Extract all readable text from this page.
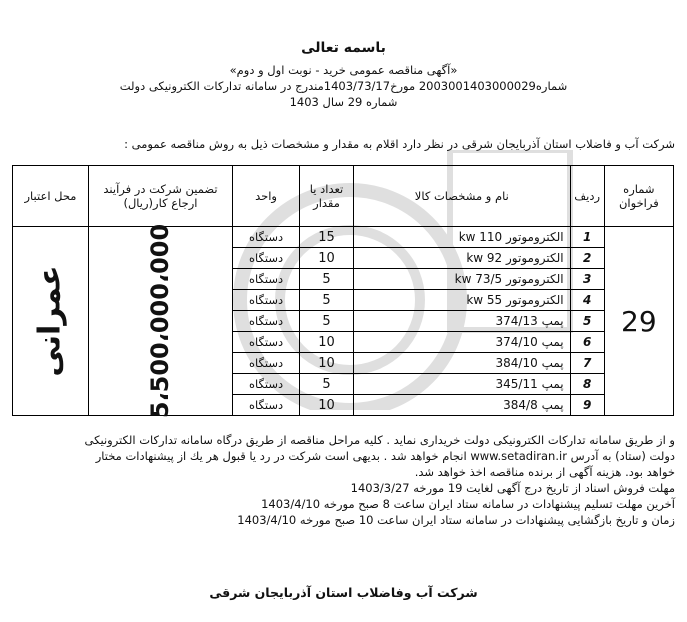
باسمه تعالی
«آگهی مناقصه عمومی خرید - نوبت اول و دوم»
شماره2003001403000029 مورخ1403/73/17مندرج در سامانه تدارکات الکترونیکی دولت
شماره 29 سال 1403
شرکت آب و فاضلاب استان آذربایجان شرقی در نظر دارد اقلام به مقدار و مشخصات ذیل به روش مناقصه عمومی :
شماره فراخوان	ردیف	نام و مشخصات کالا	تعداد یا مقدار	واحد	تضمین شرکت در فرآیند ارجاع کار(ریال)	محل اعتبار
29	1	الکتروموتور 110 kw	15	دستگاه	5،500،000،000	عمرانی

	2	الکتروموتور 92 kw	10	دستگاه		
	3	الکتروموتور 73/5 kw	5	دستگاه		
	4	الکتروموتور 55 kw	5	دستگاه		
	5	پمپ 374/13	5	دستگاه		
	6	پمپ 374/10	10	دستگاه		
	7	پمپ 384/10	10	دستگاه		
	8	پمپ 345/11	5	دستگاه		
	9	پمپ 384/8	10	دستگاه		

و از طریق سامانه تدارکات الکترونیکی دولت خریداری نماید . کلیه مراحل مناقصه از طریق درگاه سامانه تدارکات الکترونیکی

دولت (ستاد) به آدرس www.setadiran.ir انجام خواهد شد . بدیهی است شرکت در رد یا قبول هر یك از پیشنهادات مختار

خواهد بود. هزینه آگهی از برنده مناقصه اخذ خواهد شد.

مهلت فروش اسناد از تاریخ درج آگهی لغایت 19 مورخه 1403/3/27

آخرین مهلت تسلیم پیشنهادات در سامانه ستاد ایران ساعت 8 صبح مورخه 1403/4/10

زمان و تاریخ بازگشایی پیشنهادات در سامانه ستاد ایران ساعت 10 صبح مورخه 1403/4/10

شرکت آب وفاضلاب استان آذربایجان شرقی
